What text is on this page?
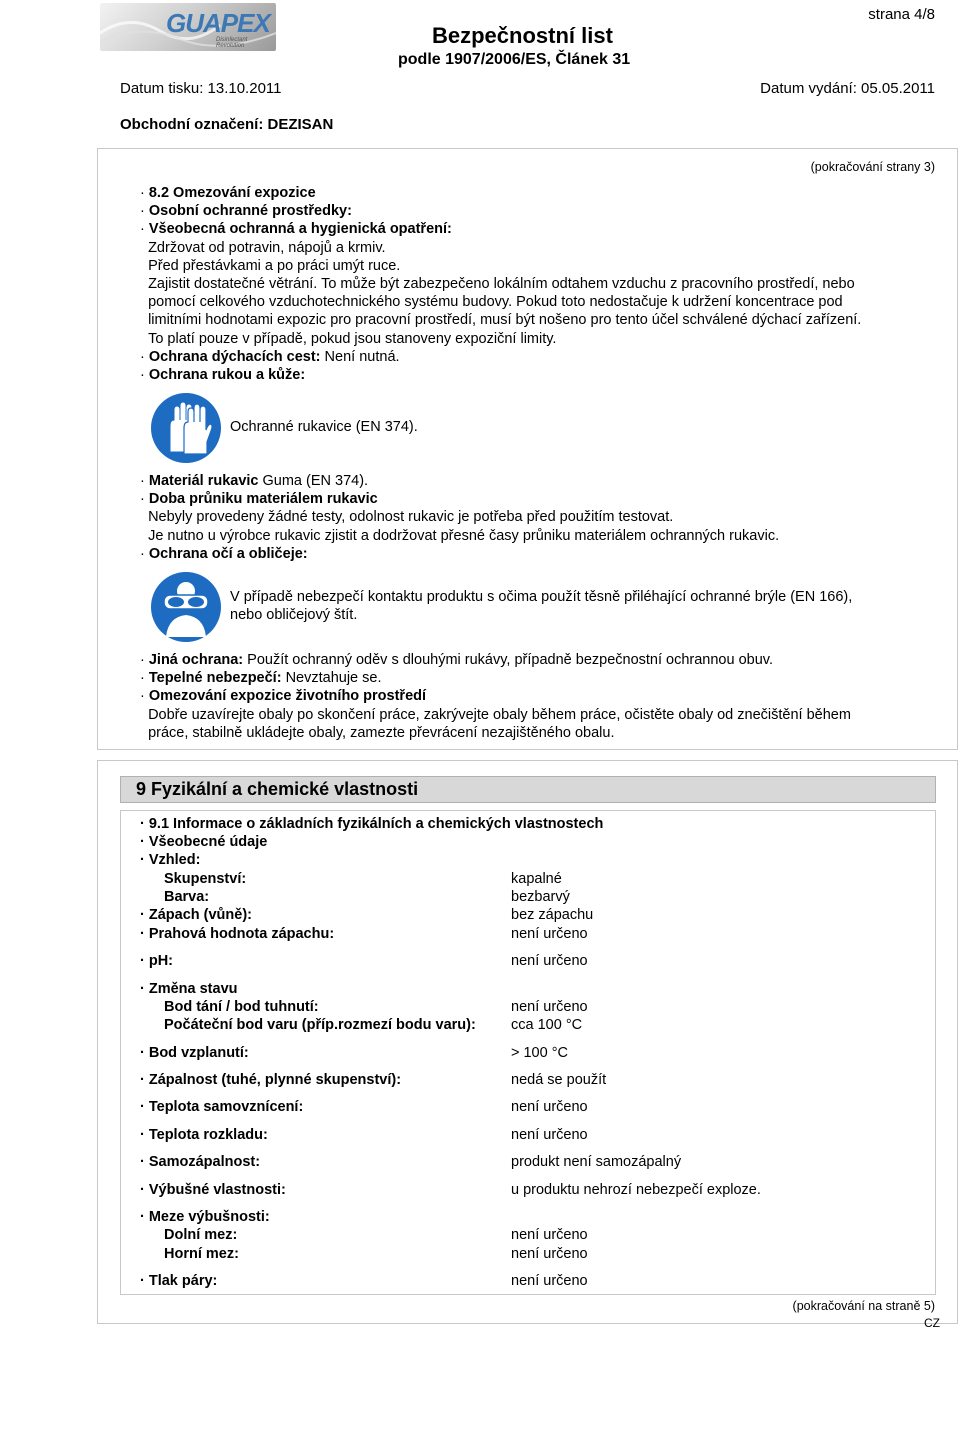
GUAPEX
Disinfectant Revolution	Bezpečnostní list
podle 1907/2006/ES, Článek 31
strana 4/8
Datum tisku: 13.10.2011	Datum vydání: 05.05.2011
Obchodní označení: DEZISAN
(pokračování strany 3)
· 8.2 Omezování expozice
· Osobní ochranné prostředky:
· Všeobecná ochranná a hygienická opatření:
Zdržovat od potravin, nápojů a krmiv.
Před přestávkami a po práci umýt ruce.
Zajistit dostatečné větrání. To může být zabezpečeno lokálním odtahem vzduchu z pracovního prostředí, nebo
pomocí celkového vzduchotechnického systému budovy. Pokud toto nedostačuje k udržení koncentrace pod
limitními hodnotami expozic pro pracovní prostředí, musí být nošeno pro tento účel schválené dýchací zařízení.
To platí pouze v případě, pokud jsou stanoveny expoziční limity.
· Ochrana dýchacích cest: Není nutná.
· Ochrana rukou a kůže:
Ochranné rukavice (EN 374).
· Materiál rukavic Guma (EN 374).
· Doba průniku materiálem rukavic
Nebyly provedeny žádné testy, odolnost rukavic je potřeba před použitím testovat.
Je nutno u výrobce rukavic zjistit a dodržovat přesné časy průniku materiálem ochranných rukavic.
· Ochrana očí a obličeje:
V případě nebezpečí kontaktu produktu s očima použít těsně přiléhající ochranné brýle (EN 166),
nebo obličejový štít.
· Jiná ochrana: Použít ochranný oděv s dlouhými rukávy, případně bezpečnostní ochrannou obuv.
· Tepelné nebezpečí: Nevztahuje se.
· Omezování expozice životního prostředí
Dobře uzavírejte obaly po skončení práce, zakrývejte obaly během práce, očistěte obaly od znečištění během
práce, stabilně ukládejte obaly, zamezte převrácení nezajištěného obalu.
9 Fyzikální a chemické vlastnosti
· 9.1 Informace o základních fyzikálních a chemických vlastnostech
· Všeobecné údaje
· Vzhled:
Skupenství:	kapalné
Barva:	bezbarvý
· Zápach (vůně):	bez zápachu
· Prahová hodnota zápachu:	není určeno
· pH:	není určeno
· Změna stavu
Bod tání / bod tuhnutí:	není určeno
Počáteční bod varu (příp.rozmezí bodu varu): cca 100 °C
· Bod vzplanutí:	> 100 °C
· Zápalnost (tuhé, plynné skupenství):	nedá se použít
· Teplota samovznícení:	není určeno
· Teplota rozkladu:	není určeno
· Samozápalnost:	produkt není samozápalný
· Výbušné vlastnosti:	u produktu nehrozí nebezpečí exploze.
· Meze výbušnosti:
Dolní mez:	není určeno
Horní mez:	není určeno
· Tlak páry:	není určeno
(pokračování na straně 5)
CZ
